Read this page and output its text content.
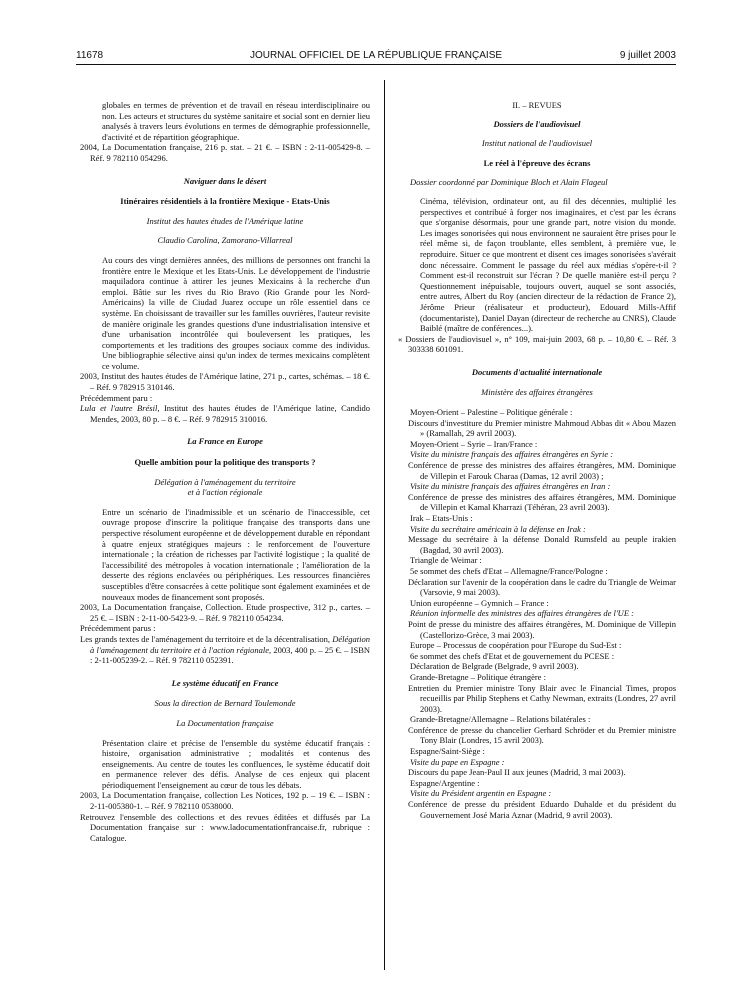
11678	JOURNAL OFFICIEL DE LA RÉPUBLIQUE FRANÇAISE	9 juillet 2003

globales en termes de prévention et de travail en réseau interdisciplinaire ou non. Les acteurs et structures du système sanitaire et social sont en dernier lieu analysés à travers leurs évolutions en termes de démographie professionnelle, d'activité et de répartition géographique.

2004, La Documentation française, 216 p. stat. – 21 €. – ISBN : 2-11-005429-8. – Réf. 9 782110 054296.

Naviguer dans le désert

Itinéraires résidentiels à la frontière Mexique - Etats-Unis

Institut des hautes études de l'Amérique latine

Claudio Carolina, Zamorano-Villarreal

Au cours des vingt dernières années, des millions de personnes ont franchi la frontière entre le Mexique et les Etats-Unis. Le développement de l'industrie maquiladora continue à attirer les jeunes Mexicains à la recherche d'un emploi. Bâtie sur les rives du Rio Bravo (Rio Grande pour les Nord-Américains) la ville de Ciudad Juarez occupe un rôle essentiel dans ce système. En choisissant de travailler sur les familles ouvrières, l'auteur revisite de manière originale les grandes questions d'une industrialisation intensive et d'une urbanisation incontrôlée qui bouleversent les pratiques, les comportements et les traditions des groupes sociaux comme des individus. Une bibliographie sélective ainsi qu'un index de termes mexicains complètent ce volume.

2003, Institut des hautes études de l'Amérique latine, 271 p., cartes, schémas. – 18 €. – Réf. 9 782915 310146.

Précédemment paru :

Lula et l'autre Brésil, Institut des hautes études de l'Amérique latine, Candido Mendes, 2003, 80 p. – 8 €. – Réf. 9 782915 310016.

La France en Europe

Quelle ambition pour la politique des transports ?

Délégation à l'aménagement du territoire

et à l'action régionale

Entre un scénario de l'inadmissible et un scénario de l'inaccessible, cet ouvrage propose d'inscrire la politique française des transports dans une perspective résolument européenne et de développement durable en répondant à quatre enjeux stratégiques majeurs : le renforcement de l'ouverture internationale ; la création de richesses par l'activité logistique ; la qualité de l'accessibilité des métropoles à vocation internationale ; l'amélioration de la desserte des régions enclavées ou périphériques. Les ressources financières susceptibles d'être consacrées à cette politique sont également examinées et de nouveaux modes de financement sont proposés.

2003, La Documentation française, Collection. Etude prospective, 312 p., cartes. – 25 €. – ISBN : 2-11-00-5423-9. – Réf. 9 782110 054234.

Précédemment parus :

Les grands textes de l'aménagement du territoire et de la décentralisation, Délégation à l'aménagement du territoire et à l'action régionale, 2003, 400 p. – 25 €. – ISBN : 2-11-005239-2. – Réf. 9 782110 052391.

Le système éducatif en France

Sous la direction de Bernard Toulemonde

La Documentation française

Présentation claire et précise de l'ensemble du système éducatif français : histoire, organisation administrative ; modalités et contenus des enseignements. Au centre de toutes les confluences, le système éducatif doit en permanence relever des défis. Analyse de ces enjeux qui placent périodiquement l'enseignement au cœur de tous les débats.

2003, La Documentation française, collection Les Notices, 192 p. – 19 €. – ISBN : 2-11-005380-1. – Réf. 9 782110 0538000.

Retrouvez l'ensemble des collections et des revues éditées et diffusés par La Documentation française sur : www.ladocumentationfrancaise.fr, rubrique : Catalogue.

II. – REVUES

Dossiers de l'audiovisuel

Institut national de l'audiovisuel

Le réel à l'épreuve des écrans

Dossier coordonné par Dominique Bloch et Alain Flageul

Cinéma, télévision, ordinateur ont, au fil des décennies, multiplié les perspectives et contribué à forger nos imaginaires, et c'est par les écrans que s'organise désormais, pour une grande part, notre vision du monde. Les images sonorisées qui nous environnent ne sauraient être prises pour le réel même si, de façon troublante, elles semblent, à première vue, le reproduire. Situer ce que montrent et disent ces images sonorisées s'avérait donc nécessaire. Comment le passage du réel aux médias s'opère-t-il ? Comment est-il reconstruit sur l'écran ? De quelle manière est-il perçu ? Questionnement inépuisable, toujours ouvert, auquel se sont associés, entre autres, Albert du Roy (ancien directeur de la rédaction de France 2), Jérôme Prieur (réalisateur et producteur), Edouard Mills-Affif (documentariste), Daniel Dayan (directeur de recherche au CNRS), Claude Baiblé (maître de conférences...).

« Dossiers de l'audiovisuel », n° 109, mai-juin 2003, 68 p. – 10,80 €. – Réf. 3 303338 601091.

Documents d'actualité internationale

Ministère des affaires étrangères

Moyen-Orient – Palestine – Politique générale :

Discours d'investiture du Premier ministre Mahmoud Abbas dit « Abou Mazen » (Ramallah, 29 avril 2003).

Moyen-Orient – Syrie – Iran/France :

Visite du ministre français des affaires étrangères en Syrie :

Conférence de presse des ministres des affaires étrangères, MM. Dominique de Villepin et Farouk Charaa (Damas, 12 avril 2003) ;

Visite du ministre français des affaires étrangères en Iran :

Conférence de presse des ministres des affaires étrangères, MM. Dominique de Villepin et Kamal Kharrazi (Téhéran, 23 avril 2003).

Irak – Etats-Unis :

Visite du secrétaire américain à la défense en Irak :

Message du secrétaire à la défense Donald Rumsfeld au peuple irakien (Bagdad, 30 avril 2003).

Triangle de Weimar :

5e sommet des chefs d'Etat – Allemagne/France/Pologne :

Déclaration sur l'avenir de la coopération dans le cadre du Triangle de Weimar (Varsovie, 9 mai 2003).

Union européenne – Gymnich – France :

Réunion informelle des ministres des affaires étrangères de l'UE :

Point de presse du ministre des affaires étrangères, M. Dominique de Villepin (Castellorizo-Grèce, 3 mai 2003).

Europe – Processus de coopération pour l'Europe du Sud-Est :

6e sommet des chefs d'Etat et de gouvernement du PCESE :

Déclaration de Belgrade (Belgrade, 9 avril 2003).

Grande-Bretagne – Politique étrangère :

Entretien du Premier ministre Tony Blair avec le Financial Times, propos recueillis par Philip Stephens et Cathy Newman, extraits (Londres, 27 avril 2003).

Grande-Bretagne/Allemagne – Relations bilatérales :

Conférence de presse du chancelier Gerhard Schröder et du Premier ministre Tony Blair (Londres, 15 avril 2003).

Espagne/Saint-Siège :

Visite du pape en Espagne :

Discours du pape Jean-Paul II aux jeunes (Madrid, 3 mai 2003).

Espagne/Argentine :

Visite du Président argentin en Espagne :

Conférence de presse du président Eduardo Duhalde et du président du Gouvernement José Maria Aznar (Madrid, 9 avril 2003).
